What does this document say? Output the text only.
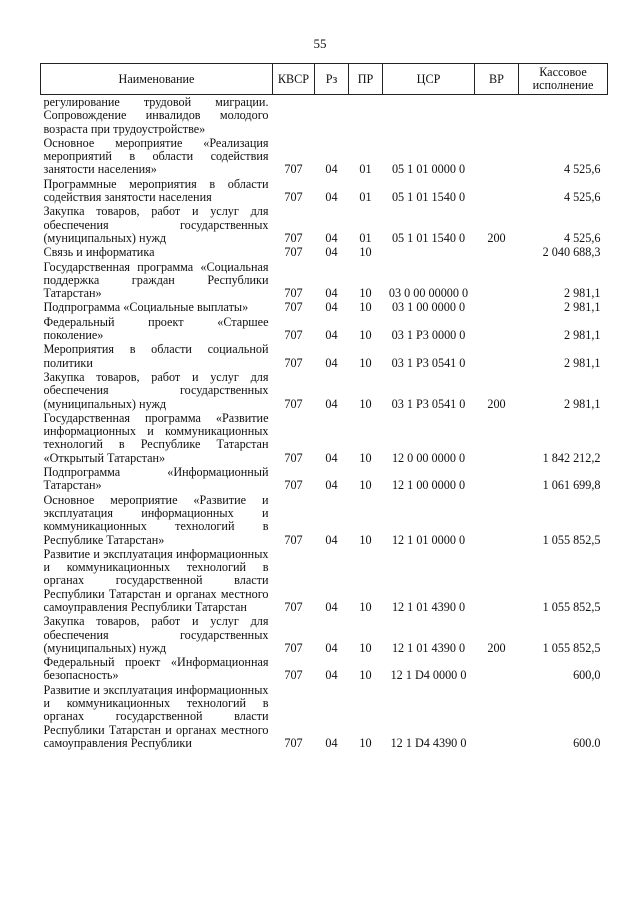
55
Наименование	КВСР	Рз	ПР	ЦСР	ВР	Кассовое исполнение
регулирование трудовой миграции. Сопровождение инвалидов молодого возраста при трудоустройстве»						
Основное мероприятие «Реализация мероприятий в области содействия занятости населения»	707	04	01	05 1 01 0000 0		4 525,6
Программные мероприятия в области содействия занятости населения	707	04	01	05 1 01 1540 0		4 525,6
Закупка товаров, работ и услуг для обеспечения государственных (муниципальных) нужд	707	04	01	05 1 01 1540 0	200	4 525,6
Связь и информатика	707	04	10			2 040 688,3
Государственная программа «Социальная поддержка граждан Республики Татарстан»	707	04	10	03 0 00 00000 0		2 981,1
Подпрограмма «Социальные выплаты»	707	04	10	03 1 00 0000 0		2 981,1
Федеральный проект «Старшее поколение»	707	04	10	03 1 P3 0000 0		2 981,1
Мероприятия в области социальной политики	707	04	10	03 1 P3 0541 0		2 981,1
Закупка товаров, работ и услуг для обеспечения государственных (муниципальных) нужд	707	04	10	03 1 P3 0541 0	200	2 981,1
Государственная программа «Развитие информационных и коммуникационных технологий в Республике Татарстан «Открытый Татарстан»	707	04	10	12 0 00 0000 0		1 842 212,2
Подпрограмма «Информационный Татарстан»	707	04	10	12 1 00 0000 0		1 061 699,8
Основное мероприятие «Развитие и эксплуатация информационных и коммуникационных технологий в Республике Татарстан»	707	04	10	12 1 01 0000 0		1 055 852,5
Развитие и эксплуатация информационных и коммуникационных технологий в органах государственной власти Республики Татарстан и органах местного самоуправления Республики Татарстан	707	04	10	12 1 01 4390 0		1 055 852,5
Закупка товаров, работ и услуг для обеспечения государственных (муниципальных) нужд	707	04	10	12 1 01 4390 0	200	1 055 852,5
Федеральный проект «Информационная безопасность»	707	04	10	12 1 D4 0000 0		600,0
Развитие и эксплуатация информационных и коммуникационных технологий в органах государственной власти Республики Татарстан и органах местного самоуправления Республики	707	04	10	12 1 D4 4390 0		600.0
